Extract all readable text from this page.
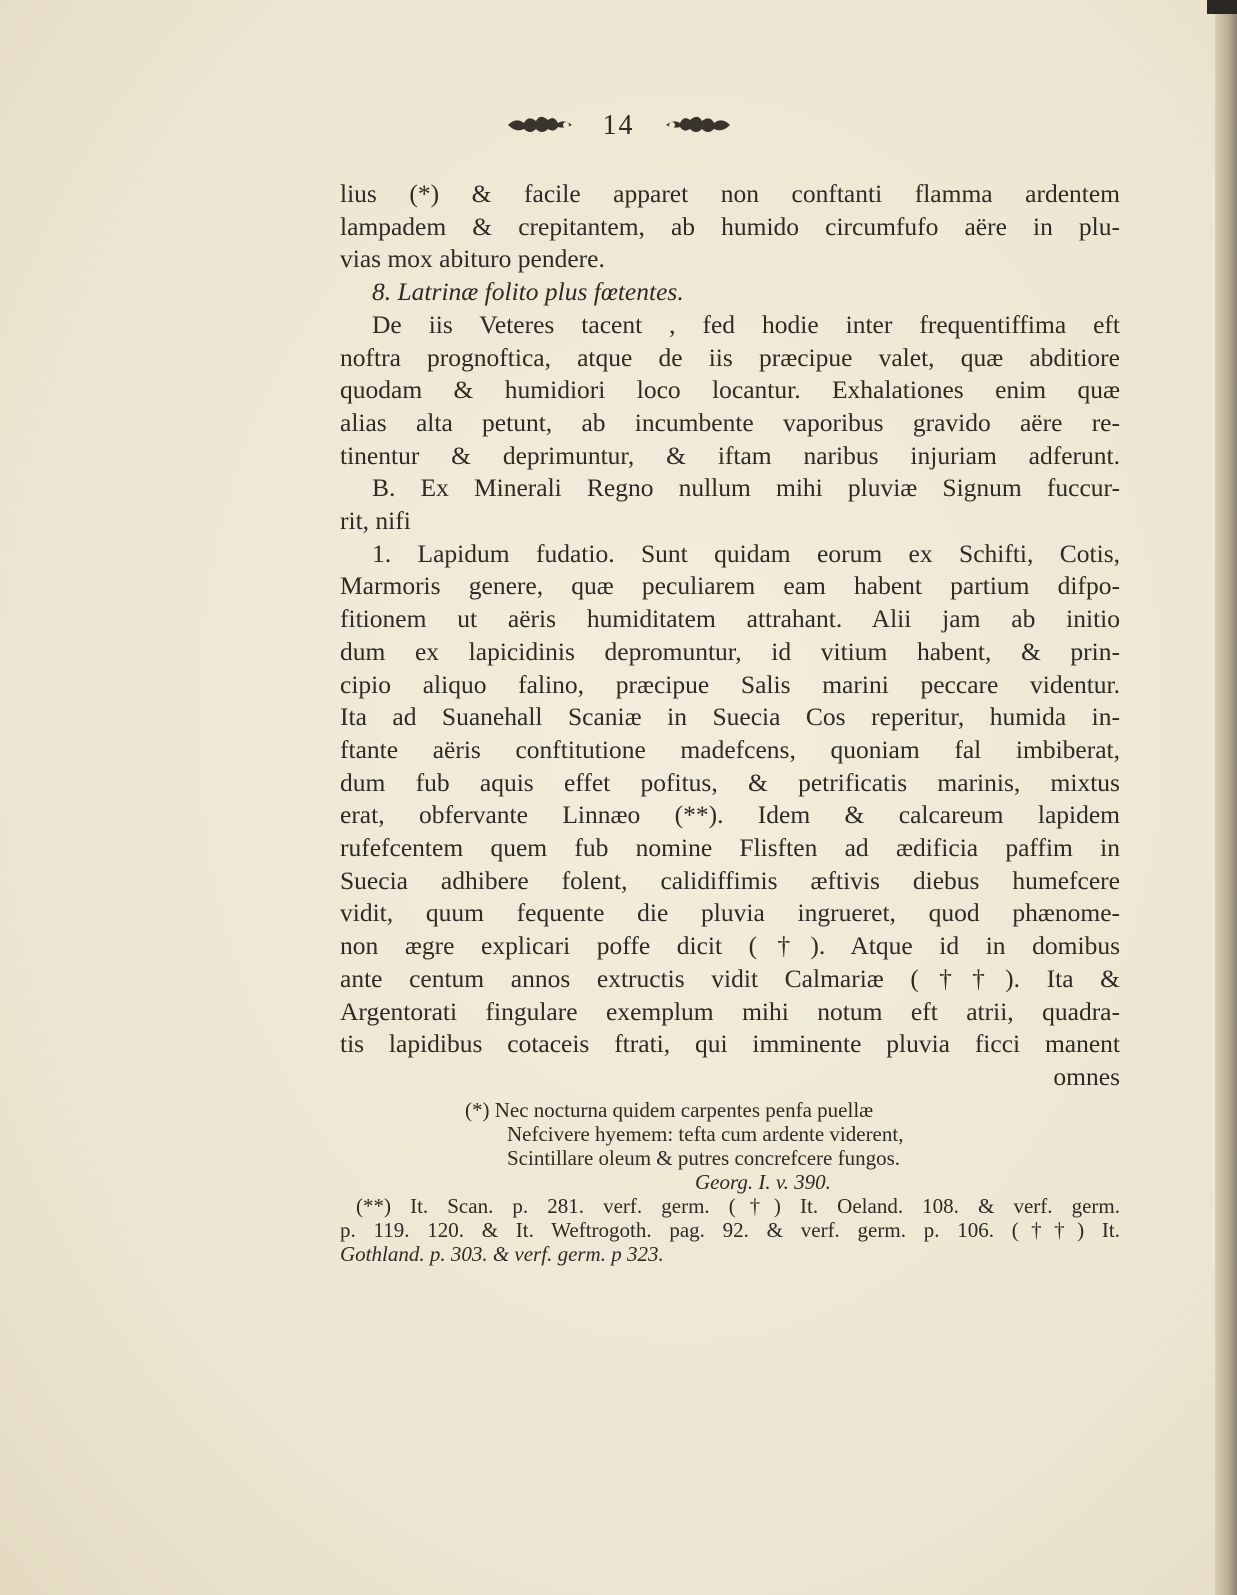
14
lius (*) & facile apparet non conftanti flamma ardentem
lampadem & crepitantem, ab humido circumfufo aëre in plu-
vias mox abituro pendere.
8. Latrinæ folito plus fœtentes.
De iis Veteres tacent , fed hodie inter frequentiffima eft
noftra prognoftica, atque de iis præcipue valet, quæ abditiore
quodam & humidiori loco locantur. Exhalationes enim quæ
alias alta petunt, ab incumbente vaporibus gravido aëre re-
tinentur & deprimuntur, & iftam naribus injuriam adferunt.
B. Ex Minerali Regno nullum mihi pluviæ Signum fuccur-
rit, nifi
1. Lapidum fudatio. Sunt quidam eorum ex Schifti, Cotis,
Marmoris genere, quæ peculiarem eam habent partium difpo-
fitionem ut aëris humiditatem attrahant. Alii jam ab initio
dum ex lapicidinis depromuntur, id vitium habent, & prin-
cipio aliquo falino, præcipue Salis marini peccare videntur.
Ita ad Suanehall Scaniæ in Suecia Cos reperitur, humida in-
ftante aëris conftitutione madefcens, quoniam fal imbiberat,
dum fub aquis effet pofitus, & petrificatis marinis, mixtus
erat, obfervante Linnæo (**). Idem & calcareum lapidem
rufefcentem quem fub nomine Flisften ad ædificia paffim in
Suecia adhibere folent, calidiffimis æftivis diebus humefcere
vidit, quum fequente die pluvia ingrueret, quod phænome-
non ægre explicari poffe dicit (†). Atque id in domibus
ante centum annos extructis vidit Calmariæ (††). Ita &
Argentorati fingulare exemplum mihi notum eft atrii, quadra-
tis lapidibus cotaceis ftrati, qui imminente pluvia ficci manent
omnes
(*) Nec nocturna quidem carpentes penfa puellæ
Nefcivere hyemem: tefta cum ardente viderent,
Scintillare oleum & putres concrefcere fungos.
Georg. I. v. 390.
(**) It. Scan. p. 281. verf. germ. (†) It. Oeland. 108. & verf. germ.
p. 119. 120. & It. Weftrogoth. pag. 92. & verf. germ. p. 106. (††) It.
Gothland. p. 303. & verf. germ. p 323.
